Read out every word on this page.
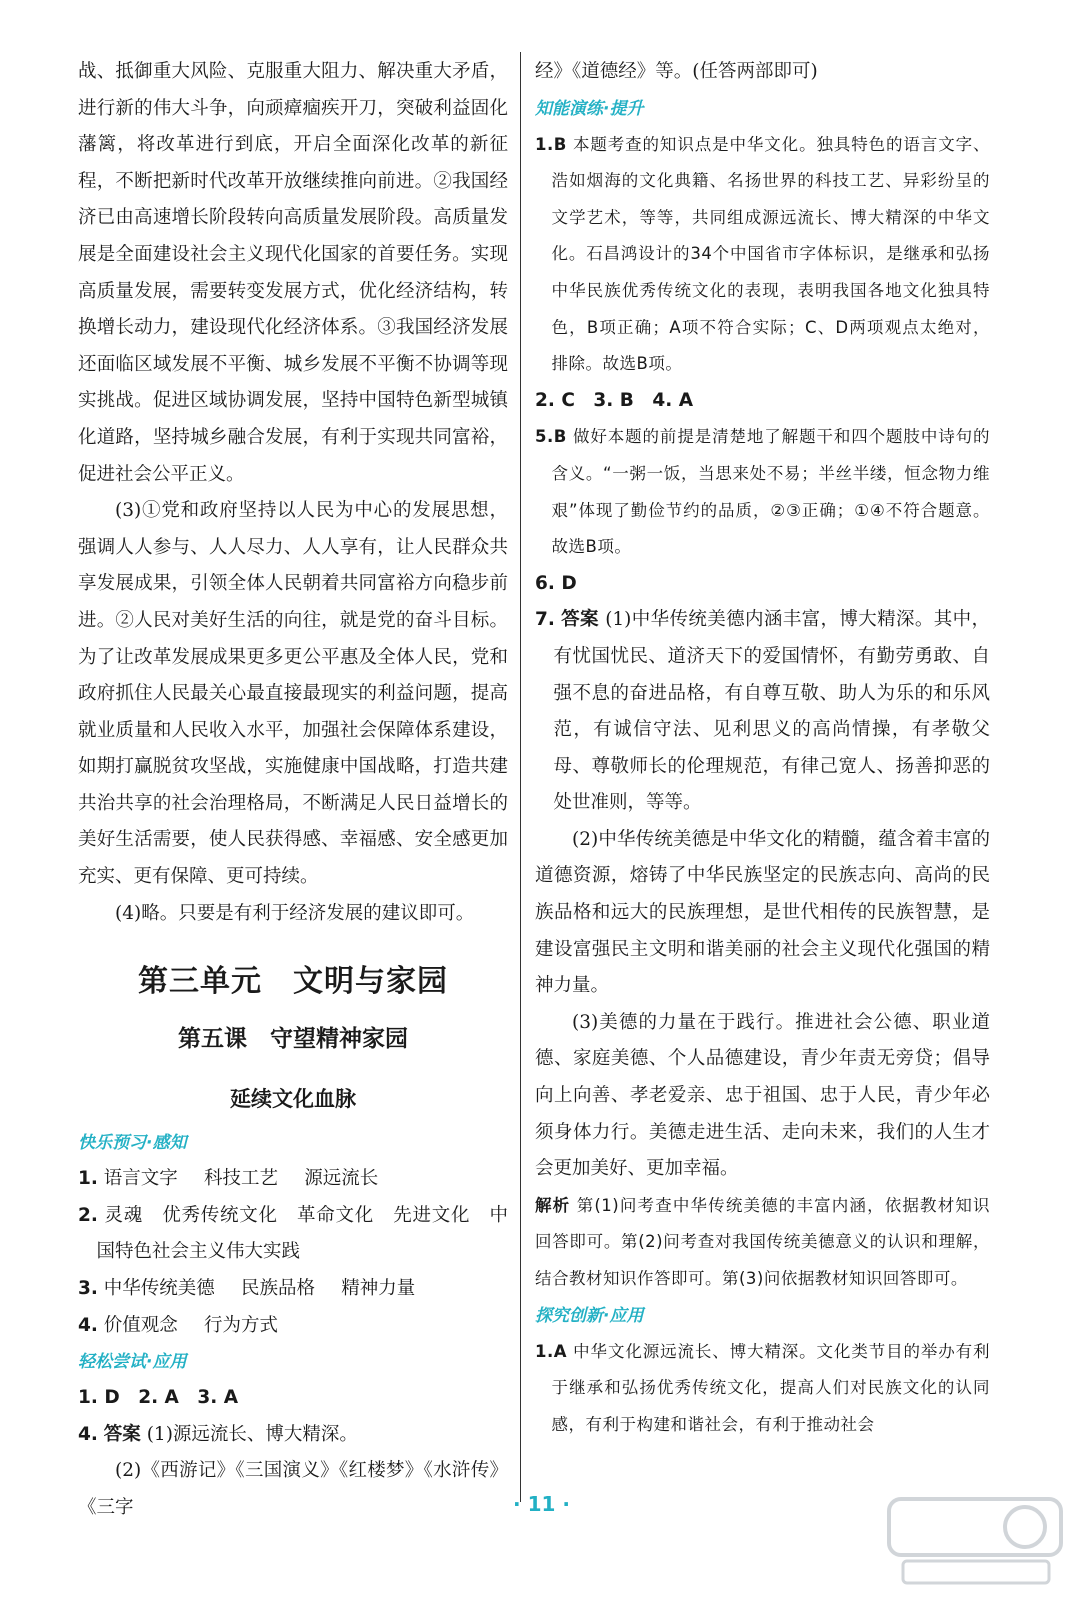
战、抵御重大风险、克服重大阻力、解决重大矛盾，进行新的伟大斗争，向顽瘴痼疾开刀，突破利益固化藩篱，将改革进行到底，开启全面深化改革的新征程，不断把新时代改革开放继续推向前进。②我国经济已由高速增长阶段转向高质量发展阶段。高质量发展是全面建设社会主义现代化国家的首要任务。实现高质量发展，需要转变发展方式，优化经济结构，转换增长动力，建设现代化经济体系。③我国经济发展还面临区域发展不平衡、城乡发展不平衡不协调等现实挑战。促进区域协调发展，坚持中国特色新型城镇化道路，坚持城乡融合发展，有利于实现共同富裕，促进社会公平正义。

(3)①党和政府坚持以人民为中心的发展思想，强调人人参与、人人尽力、人人享有，让人民群众共享发展成果，引领全体人民朝着共同富裕方向稳步前进。②人民对美好生活的向往，就是党的奋斗目标。为了让改革发展成果更多更公平惠及全体人民，党和政府抓住人民最关心最直接最现实的利益问题，提高就业质量和人民收入水平，加强社会保障体系建设，如期打赢脱贫攻坚战，实施健康中国战略，打造共建共治共享的社会治理格局，不断满足人民日益增长的美好生活需要，使人民获得感、幸福感、安全感更加充实、更有保障、更可持续。

(4)略。只要是有利于经济发展的建议即可。

第三单元　文明与家园
第五课　守望精神家园
延续文化血脉
快乐预习·感知

1. 语言文字 科技工艺 源远流长

2. 灵魂　优秀传统文化　革命文化　先进文化　中国特色社会主义伟大实践

3. 中华传统美德 民族品格 精神力量

4. 价值观念 行为方式

轻松尝试·应用

1. D　2. A　3. A

4. 答案 (1)源远流长、博大精深。

(2)《西游记》《三国演义》《红楼梦》《水浒传》《三字

经》《道德经》等。(任答两部即可)

知能演练·提升

1.B 本题考查的知识点是中华文化。独具特色的语言文字、浩如烟海的文化典籍、名扬世界的科技工艺、异彩纷呈的文学艺术，等等，共同组成源远流长、博大精深的中华文化。石昌鸿设计的34个中国省市字体标识，是继承和弘扬中华民族优秀传统文化的表现，表明我国各地文化独具特色，B项正确；A项不符合实际；C、D两项观点太绝对，排除。故选B项。

2. C　3. B　4. A

5.B 做好本题的前提是清楚地了解题干和四个题肢中诗句的含义。“一粥一饭，当思来处不易；半丝半缕，恒念物力维艰”体现了勤俭节约的品质，②③正确；①④不符合题意。故选B项。

6. D

7. 答案 (1)中华传统美德内涵丰富，博大精深。其中，有忧国忧民、道济天下的爱国情怀，有勤劳勇敢、自强不息的奋进品格，有自尊互敬、助人为乐的和乐风范，有诚信守法、见利思义的高尚情操，有孝敬父母、尊敬师长的伦理规范，有律己宽人、扬善抑恶的处世准则，等等。

(2)中华传统美德是中华文化的精髓，蕴含着丰富的道德资源，熔铸了中华民族坚定的民族志向、高尚的民族品格和远大的民族理想，是世代相传的民族智慧，是建设富强民主文明和谐美丽的社会主义现代化强国的精神力量。

(3)美德的力量在于践行。推进社会公德、职业道德、家庭美德、个人品德建设，青少年责无旁贷；倡导向上向善、孝老爱亲、忠于祖国、忠于人民，青少年必须身体力行。美德走进生活、走向未来，我们的人生才会更加美好、更加幸福。

解析 第(1)问考查中华传统美德的丰富内涵，依据教材知识回答即可。第(2)问考查对我国传统美德意义的认识和理解，结合教材知识作答即可。第(3)问依据教材知识回答即可。

探究创新·应用

1.A 中华文化源远流长、博大精深。文化类节目的举办有利于继承和弘扬优秀传统文化，提高人们对民族文化的认同感，有利于构建和谐社会，有利于推动社会

· 11 ·
